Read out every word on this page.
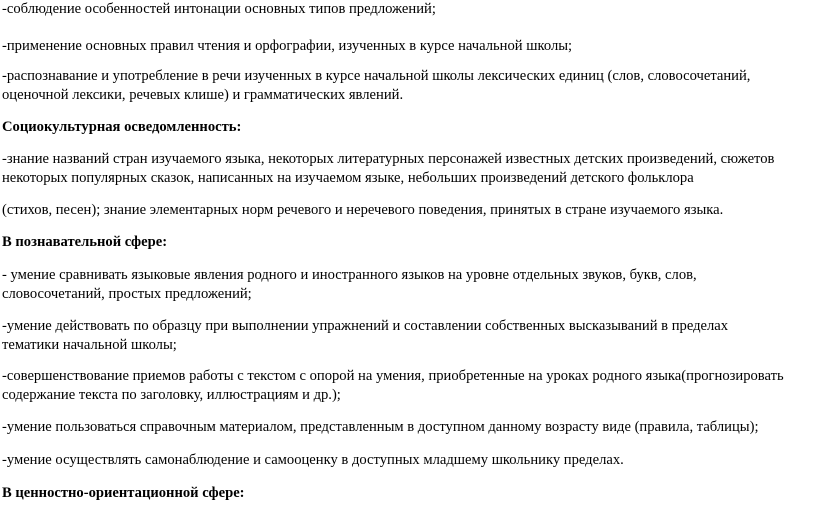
-соблюдение особенностей интонации основных типов предложений;

-применение основных правил чтения и орфографии, изученных в курсе начальной школы;

-распознавание и употребление в речи изученных в курсе начальной школы лексических единиц (слов, словосочетаний,
оценочной лексики, речевых клише) и грамматических явлений.

Социокультурная осведомленность:

-знание названий стран изучаемого языка, некоторых литературных персонажей известных детских произведений, сюжетов
некоторых популярных сказок, написанных на изучаемом языке, небольших произведений детского фольклора

(стихов, песен); знание элементарных норм речевого и неречевого поведения, принятых в стране изучаемого языка.

В познавательной сфере:

- умение сравнивать языковые явления родного и иностранного языков на уровне отдельных звуков, букв, слов,
словосочетаний, простых предложений;

-умение действовать по образцу при выполнении упражнений и составлении собственных высказываний в пределах
тематики начальной школы;

-совершенствование приемов работы с текстом с опорой на умения, приобретенные на уроках родного языка(прогнозировать
содержание текста по заголовку, иллюстрациям и др.);

-умение пользоваться справочным материалом, представленным в доступном данному возрасту виде (правила, таблицы);

-умение осуществлять самонаблюдение и самооценку в доступных младшему школьнику пределах.

В ценностно-ориентационной сфере:
